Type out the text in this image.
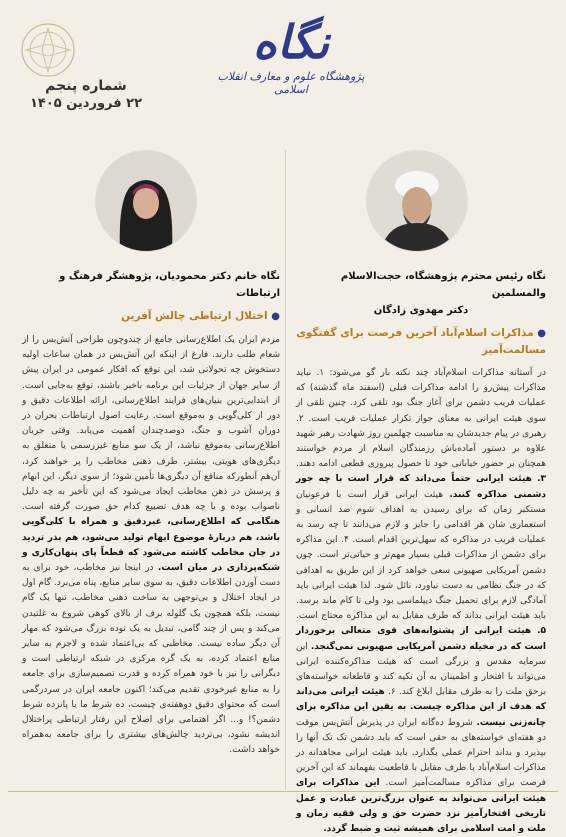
نگاه
پژوهشگاه علوم و معارف انقلاب اسلامی
شماره پنجم
۲۲ فروردین ۱۴۰۵
نگاه رئیس محترم پژوهشگاه، حجت‌الاسلام والمسلمین
دکتر مهدوی زادگان
● مذاکرات اسلام‌آباد آخرین فرصت برای گفتگوی مسالمت‌آمیز

در آستانه مذاکرات اسلام‌آباد چند نکته بار گو می‌شود: ۱. نباید مذاکرات پیش‌رو را ادامه مذاکرات قبلی (اسفند ماه گذشته) که عملیات فریب دشمن برای آغاز جنگ بود تلقی کرد. چنین تلقی از سوی هیئت ایرانی به معنای جواز تکرار عملیات فریب است. ۲. رهبری در پیام جدیدشان به مناسبت چهلمین روز شهادت رهبر شهید علاوه بر دستور آماده‌باش رزمندگان اسلام از مردم خواستند همچنان بر حضور خیابانی خود تا حصول پیروزی قطعی ادامه دهند. ۳. هیئت ایرانی حتماً می‌داند که قرار است با چه جور دشمنی مذاکره کنند. هیئت ایرانی قرار است با فرعونیان مستکبر زمان که برای رسیدن به اهداف شوم ضد انسانی و استعماری شان هر اقدامی را جایز و لازم می‌دانند تا چه رسد به عملیات فریب در مذاکره که سهل‌ترین اقدام است. ۴. این مذاکره برای دشمن از مذاکرات قبلی بسیار مهم‌تر و حیاتی‌تر است. چون دشمن آمریکایی صهیونی سعی خواهد کرد از این طریق به اهدافی که در جنگ نظامی به دست نیاورد، نائل شود. لذا هیئت ایرانی باید آمادگی لازم برای تحمیل جنگ دیپلماسی بود ولی تا کام ماند برسد. باید هیئت ایرانی بداند که طرف مقابل به این مذاکره محتاج است. ۵. هیئت ایرانی از پشتوانه‌های قوی متعالی برخوردار است که در مخیله دشمن آمریکایی صهیونی نمی‌گنجد. این سرمایه مقدس و بزرگی است که هیئت مذاکره‌کننده ایرانی می‌تواند با افتخار و اطمینان به آن تکیه کند و قاطعانه خواسته‌های برحق ملت را به طرف مقابل ابلاغ کند. ۶. هیئت ایرانی می‌داند که هدف از این مذاکره چیست. به یقین این مذاکره برای چانه‌زنی نیست. شروط ده‌گانه ایران در پذیرش آتش‌بس موقت دو هفته‌ای خواسته‌های به حقی است که باید دشمن تک تک آنها را بپذیرد و بداند احترام عملی بگذارد. باید هیئت ایرانی مجاهدانه در مذاکرات اسلام‌آباد با طرف مقابل با قاطعیت بفهماند که این آخرین فرصت برای مذاکره مسالمت‌آمیز است. این مذاکرات برای هیئت ایرانی می‌تواند به عنوان بزرگ‌ترین عبادت و عمل تاریخی افتخارآمیز نزد حضرت حق و ولی فقیه زمان و ملت و امت اسلامی برای همیشه ثبت و ضبط گردد.

نگاه خانم دکتر محمودیان، پژوهشگر فرهنگ و ارتباطات
● اختلال ارتباطی چالش آفرین

مردم ایران یک اطلاع‌رسانی جامع از چندوچون طراحی آتش‌بس را از شعام طلب دارند. فارغ از اینکه این آتش‌بس در همان ساعات اولیه دستخوش چه تحولاتی شد، این توقع که افکار عمومی در ایران پیش از سایر جهان از جزئیات این برنامه باخبر باشند، توقع به‌جایی است. از ابتدایی‌ترین بنیان‌های فرایند اطلاع‌رسانی، ارائه اطلاعات دقیق و دور از کلی‌گویی و به‌موقع است. رعایت اصول ارتباطات بحران در دوران آشوب و جنگ، دوصدچندان اهمیت می‌یابد. وقتی جریان اطلاع‌رسانی به‌موقع نباشد، از یک سو منابع غیررسمی یا متعلق به دیگری‌های هویتی، بیشتر، طرف ذهنی مخاطب را پر خواهند کرد، آن‌هم آنطورکه منافع آن دیگری‌ها تأمین شود؛ از سوی دیگر، این ابهام و پرسش در ذهن مخاطب ایجاد می‌شود که این تأخیر به چه دلیل ناصواب بوده و با چه هدف تضییع کدام حق صورت گرفته است. هنگامی که اطلاع‌رسانی، غیردقیق و همراه با کلی‌گویی باشد، هم دربارهٔ موضوع ابهام تولید می‌شود، هم بذر تردید در جان مخاطب کاشته می‌شود که قطعاً پای پنهان‌کاری و شبکه‌پردازی در میان است. در اینجا نیز مخاطب، خود برای به دست آوردن اطلاعات دقیق، به سوی سایر منابع، پناه می‌برد. گام اول در ایجاد اختلال و بی‌توجهی به ساخت ذهنی مخاطب، تنها یک گام نیست، بلکه همچون یک گلوله برف از بالای کوهی شروع به غلتیدن می‌کند و پس از چند گامی، تبدیل به یک توده بزرگ می‌شود که مهار آن دیگر ساده نیست. مخاطبی که بی‌اعتماد شده و لاجرم به سایر منابع اعتماد کرده، به یک گره مرکزی در شبکه ارتباطی است و دیگرانی را نیز با خود همراه کرده و قدرت تصمیم‌سازی برای جامعه را به منابع غیرخودی تقدیم می‌کند؛ اکنون جامعه ایران در سردرگمی است که محتوای دقیق دوهفته‌ی چیست، ده شرط ما یا پانزده شرط دشمن؟! و... اگر اهتمامی برای اصلاح این رفتار ارتباطی پراختلال اندیشه نشود، بی‌تردید چالش‌های بیشتری را برای جامعه به‌همراه خواهد داشت.
